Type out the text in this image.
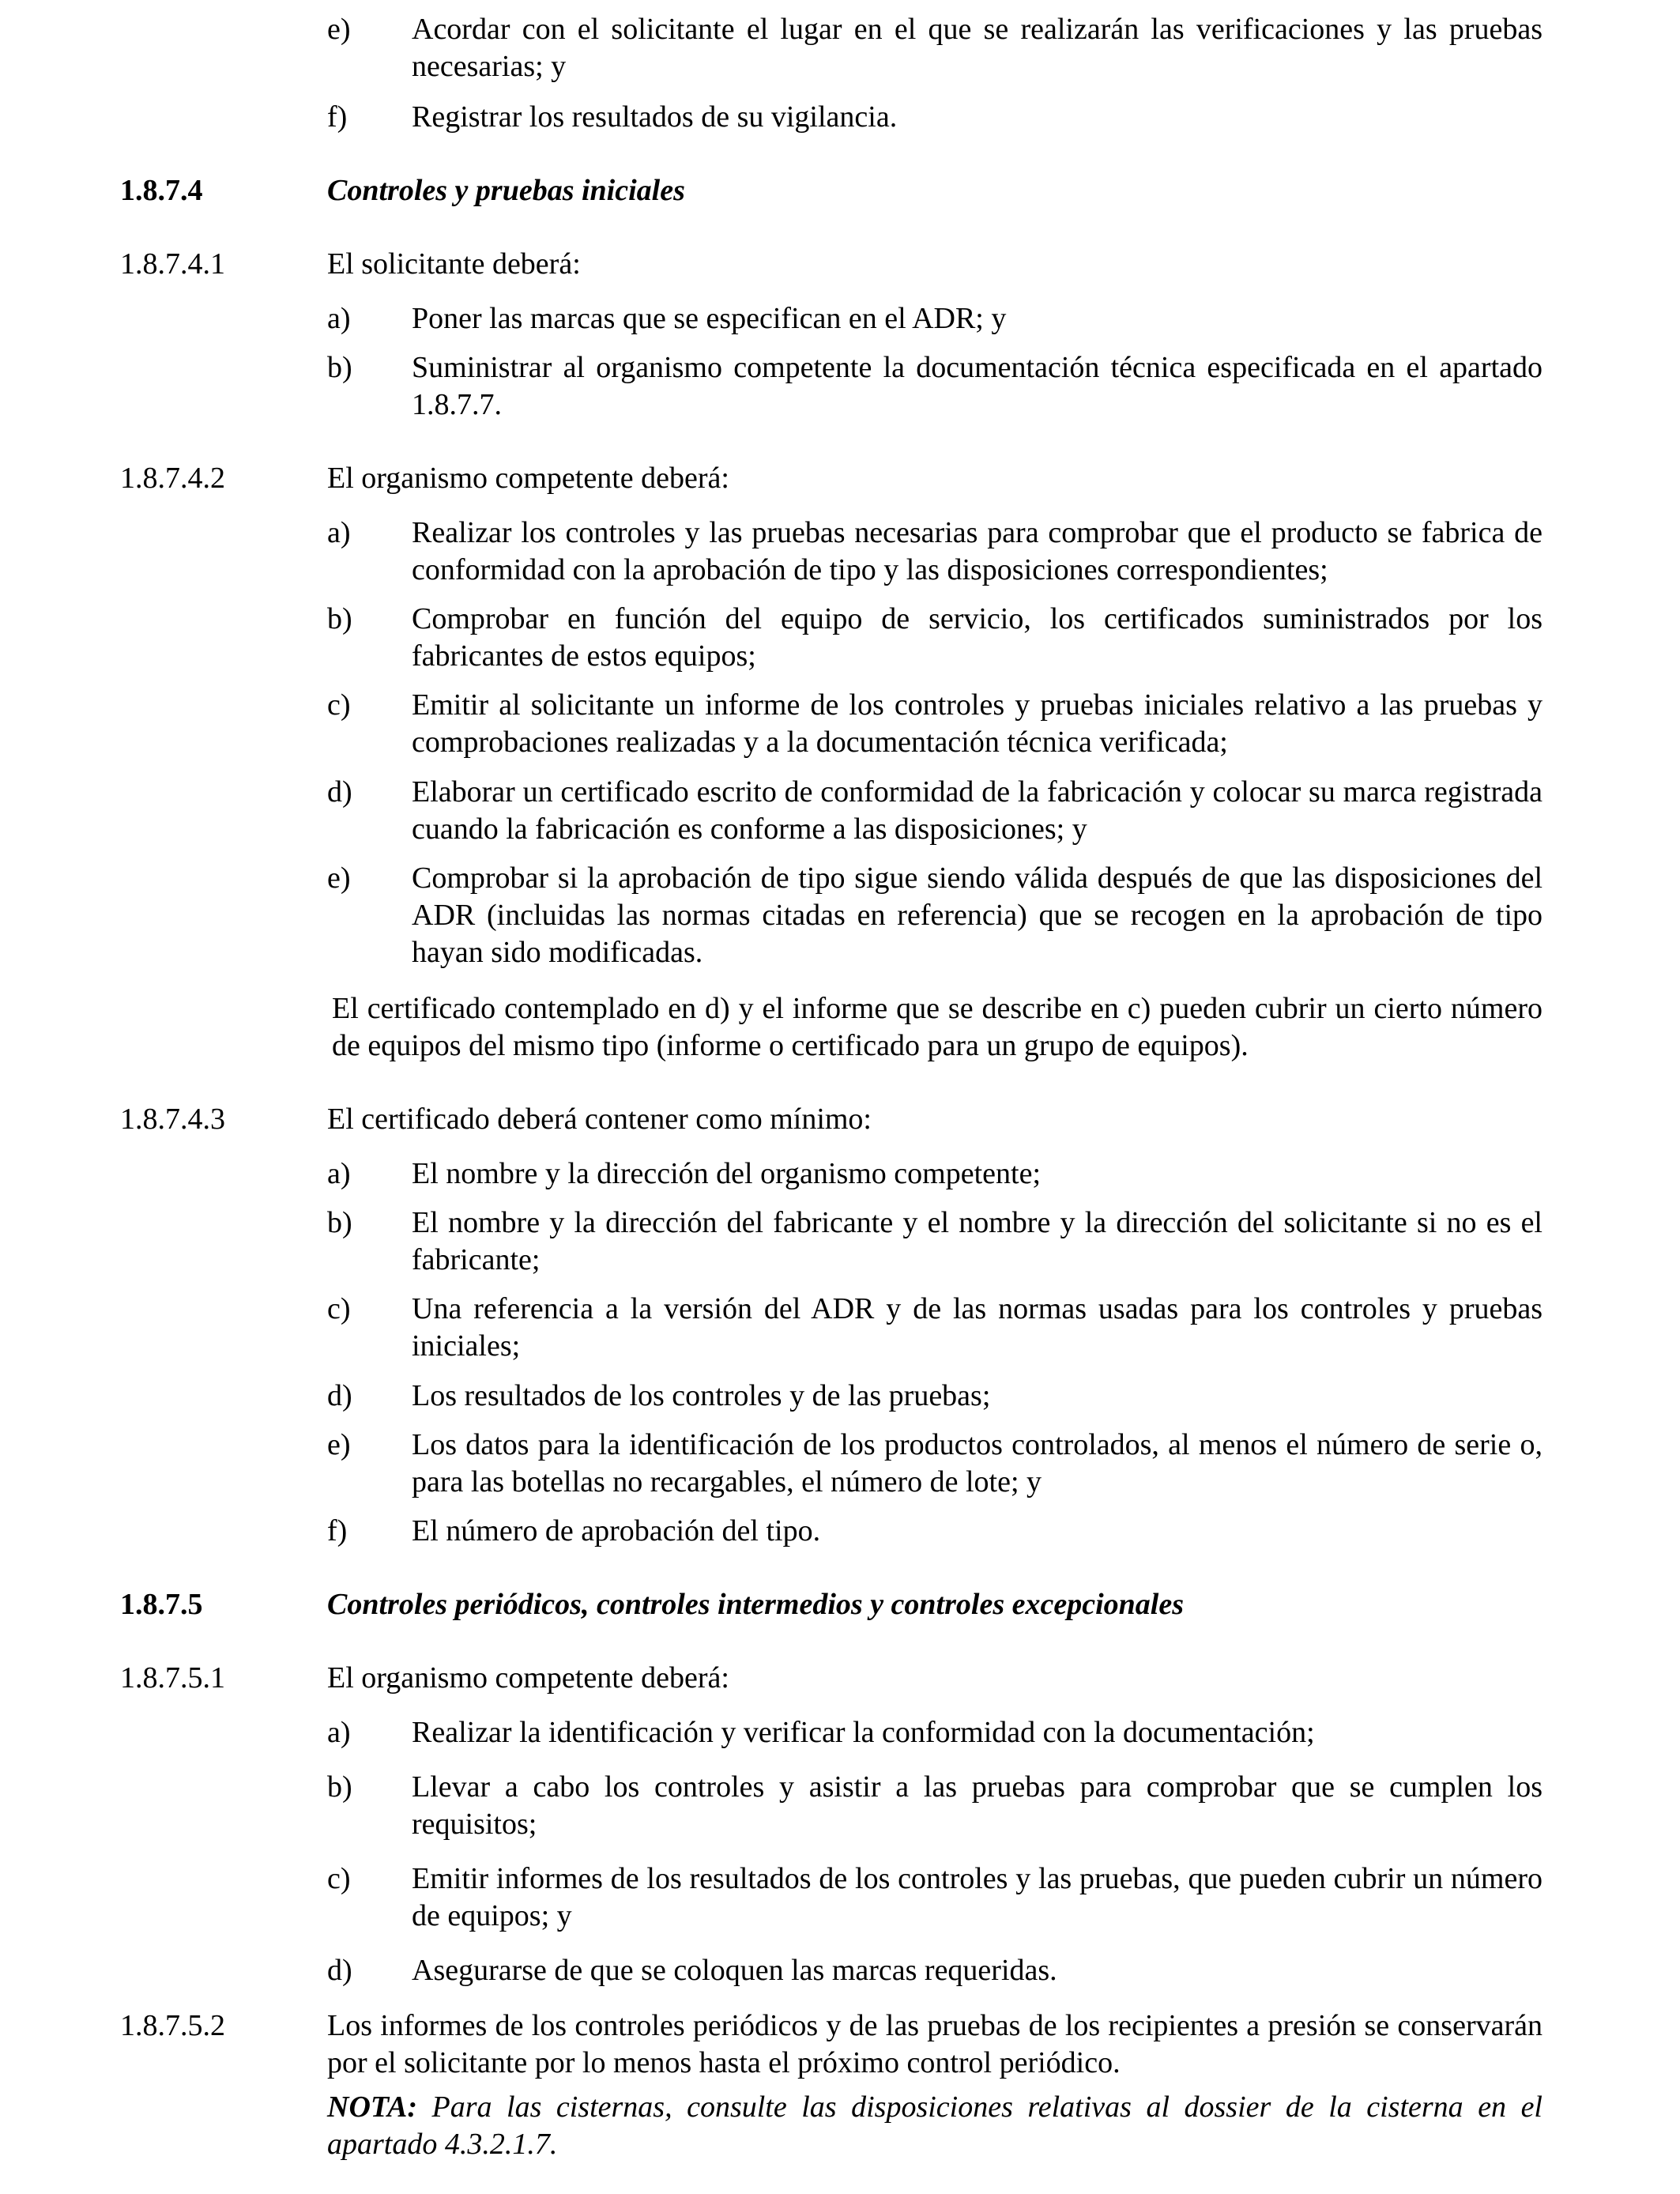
e) Acordar con el solicitante el lugar en el que se realizarán las verificaciones y las pruebas necesarias; y
f) Registrar los resultados de su vigilancia.
1.8.7.4	Controles y pruebas iniciales
1.8.7.4.1	El solicitante deberá:
a) Poner las marcas que se especifican en el ADR; y
b) Suministrar al organismo competente la documentación técnica especificada en el apartado 1.8.7.7.
1.8.7.4.2	El organismo competente deberá:
a) Realizar los controles y las pruebas necesarias para comprobar que el producto se fabrica de conformidad con la aprobación de tipo y las disposiciones correspondientes;
b) Comprobar en función del equipo de servicio, los certificados suministrados por los fabricantes de estos equipos;
c) Emitir al solicitante un informe de los controles y pruebas iniciales relativo a las pruebas y comprobaciones realizadas y a la documentación técnica verificada;
d) Elaborar un certificado escrito de conformidad de la fabricación y colocar su marca registrada cuando la fabricación es conforme a las disposiciones; y
e) Comprobar si la aprobación de tipo sigue siendo válida después de que las disposiciones del ADR (incluidas las normas citadas en referencia) que se recogen en la aprobación de tipo hayan sido modificadas.
El certificado contemplado en d) y el informe que se describe en c) pueden cubrir un cierto número de equipos del mismo tipo (informe o certificado para un grupo de equipos).
1.8.7.4.3	El certificado deberá contener como mínimo:
a) El nombre y la dirección del organismo competente;
b) El nombre y la dirección del fabricante y el nombre y la dirección del solicitante si no es el fabricante;
c) Una referencia a la versión del ADR y de las normas usadas para los controles y pruebas iniciales;
d) Los resultados de los controles y de las pruebas;
e) Los datos para la identificación de los productos controlados, al menos el número de serie o, para las botellas no recargables, el número de lote; y
f) El número de aprobación del tipo.
1.8.7.5	Controles periódicos, controles intermedios y controles excepcionales
1.8.7.5.1	El organismo competente deberá:
a) Realizar la identificación y verificar la conformidad con la documentación;
b) Llevar a cabo los controles y asistir a las pruebas para comprobar que se cumplen los requisitos;
c) Emitir informes de los resultados de los controles y las pruebas, que pueden cubrir un número de equipos; y
d) Asegurarse de que se coloquen las marcas requeridas.
1.8.7.5.2	Los informes de los controles periódicos y de las pruebas de los recipientes a presión se conservarán por el solicitante por lo menos hasta el próximo control periódico.
NOTA: Para las cisternas, consulte las disposiciones relativas al dossier de la cisterna en el apartado 4.3.2.1.7.
